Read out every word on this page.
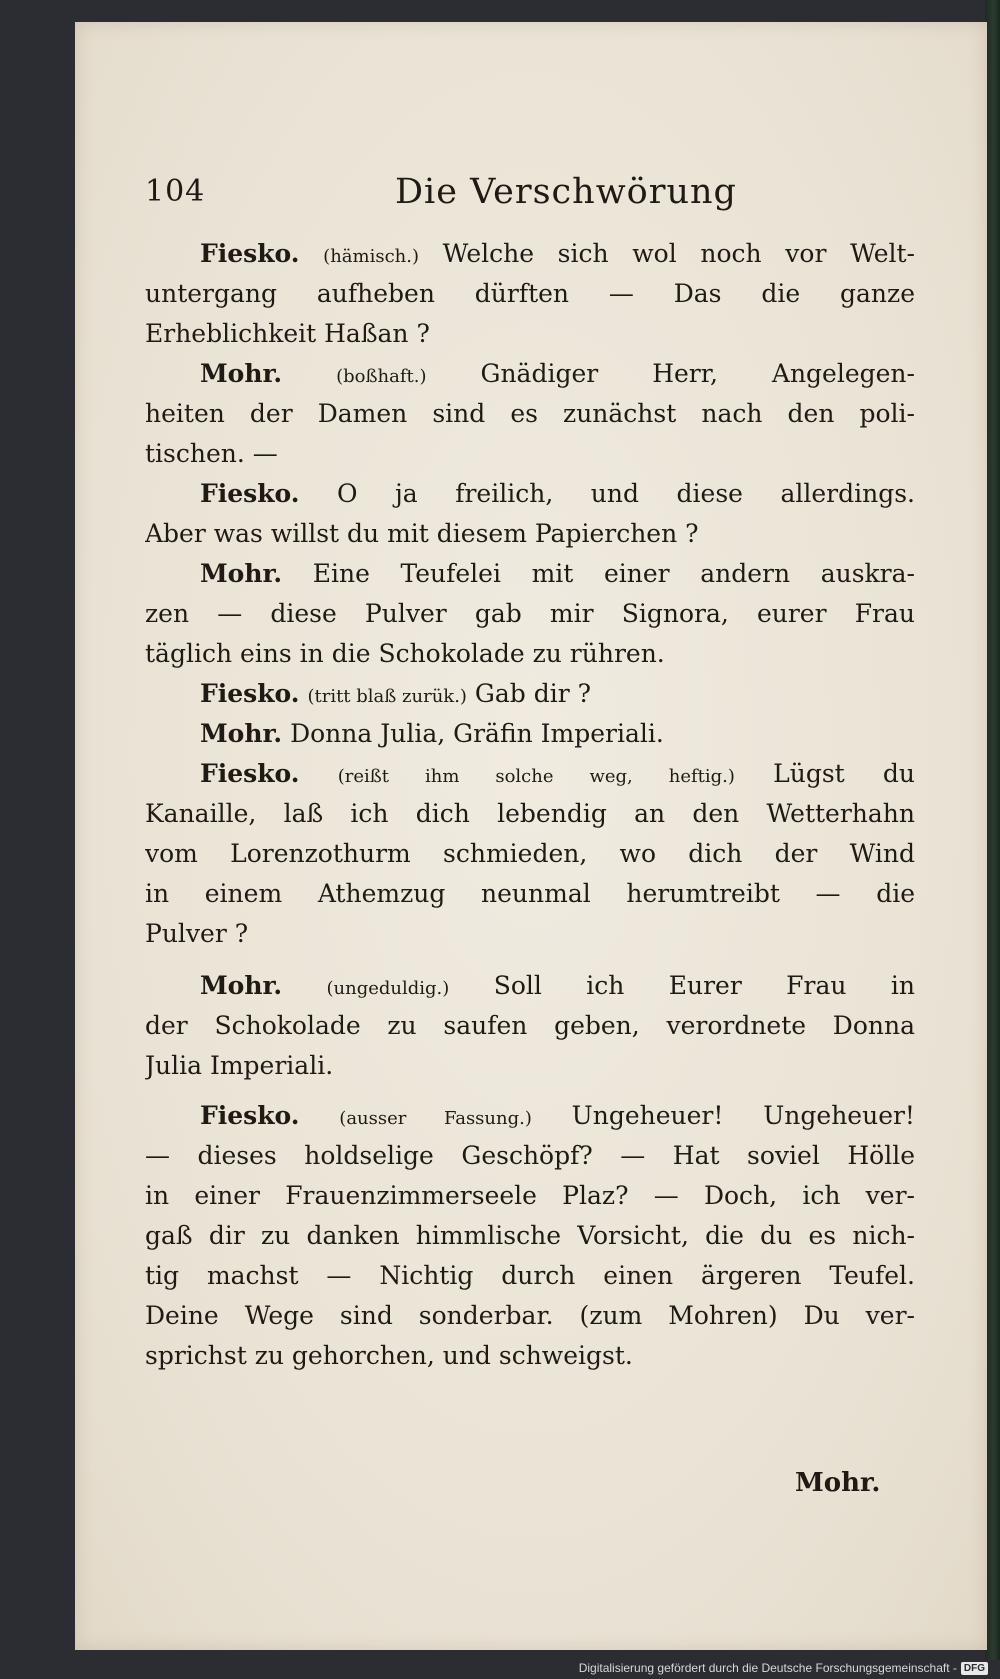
104	Die Verschwörung
Fiesko. (hämisch.) Welche sich wol noch vor Welt-
untergang aufheben dürften — Das die ganze
Erheblichkeit Haßan ?
Mohr.	(boßhaft.) Gnädiger Herr, Angelegen-
heiten der Damen sind es zunächst nach den poli-
tischen. —
Fiesko. O ja freilich, und diese allerdings.
Aber was willst du mit diesem Papierchen ?
Mohr. Eine Teufelei mit einer andern auskra-
zen — diese Pulver gab mir Signora, eurer Frau
täglich eins in die Schokolade zu rühren.
Fiesko. (tritt blaß zurük.) Gab dir ?
Mohr. Donna Julia, Gräfin Imperiali.
Fiesko. (reißt ihm solche weg, heftig.) Lügst du
Kanaille, laß ich dich lebendig an den Wetterhahn
vom Lorenzothurm schmieden, wo dich der Wind
in einem Athemzug neunmal herumtreibt — die
Pulver ?
Mohr. (ungeduldig.) Soll ich Eurer Frau in
der Schokolade zu saufen geben, verordnete Donna
Julia Imperiali.
Fiesko. (ausser Fassung.) Ungeheuer! Ungeheuer!
— dieses holdselige Geschöpf? — Hat soviel Hölle
in einer Frauenzimmerseele Plaz? — Doch, ich ver-
gaß dir zu danken himmlische Vorsicht, die du es nich-
tig machst — Nichtig durch einen ärgeren Teufel.
Deine Wege sind sonderbar. (zum Mohren) Du ver-
sprichst zu gehorchen, und schweigst.
Mohr.
Digitalisierung gefördert durch die Deutsche Forschungsgemeinschaft - DFG
